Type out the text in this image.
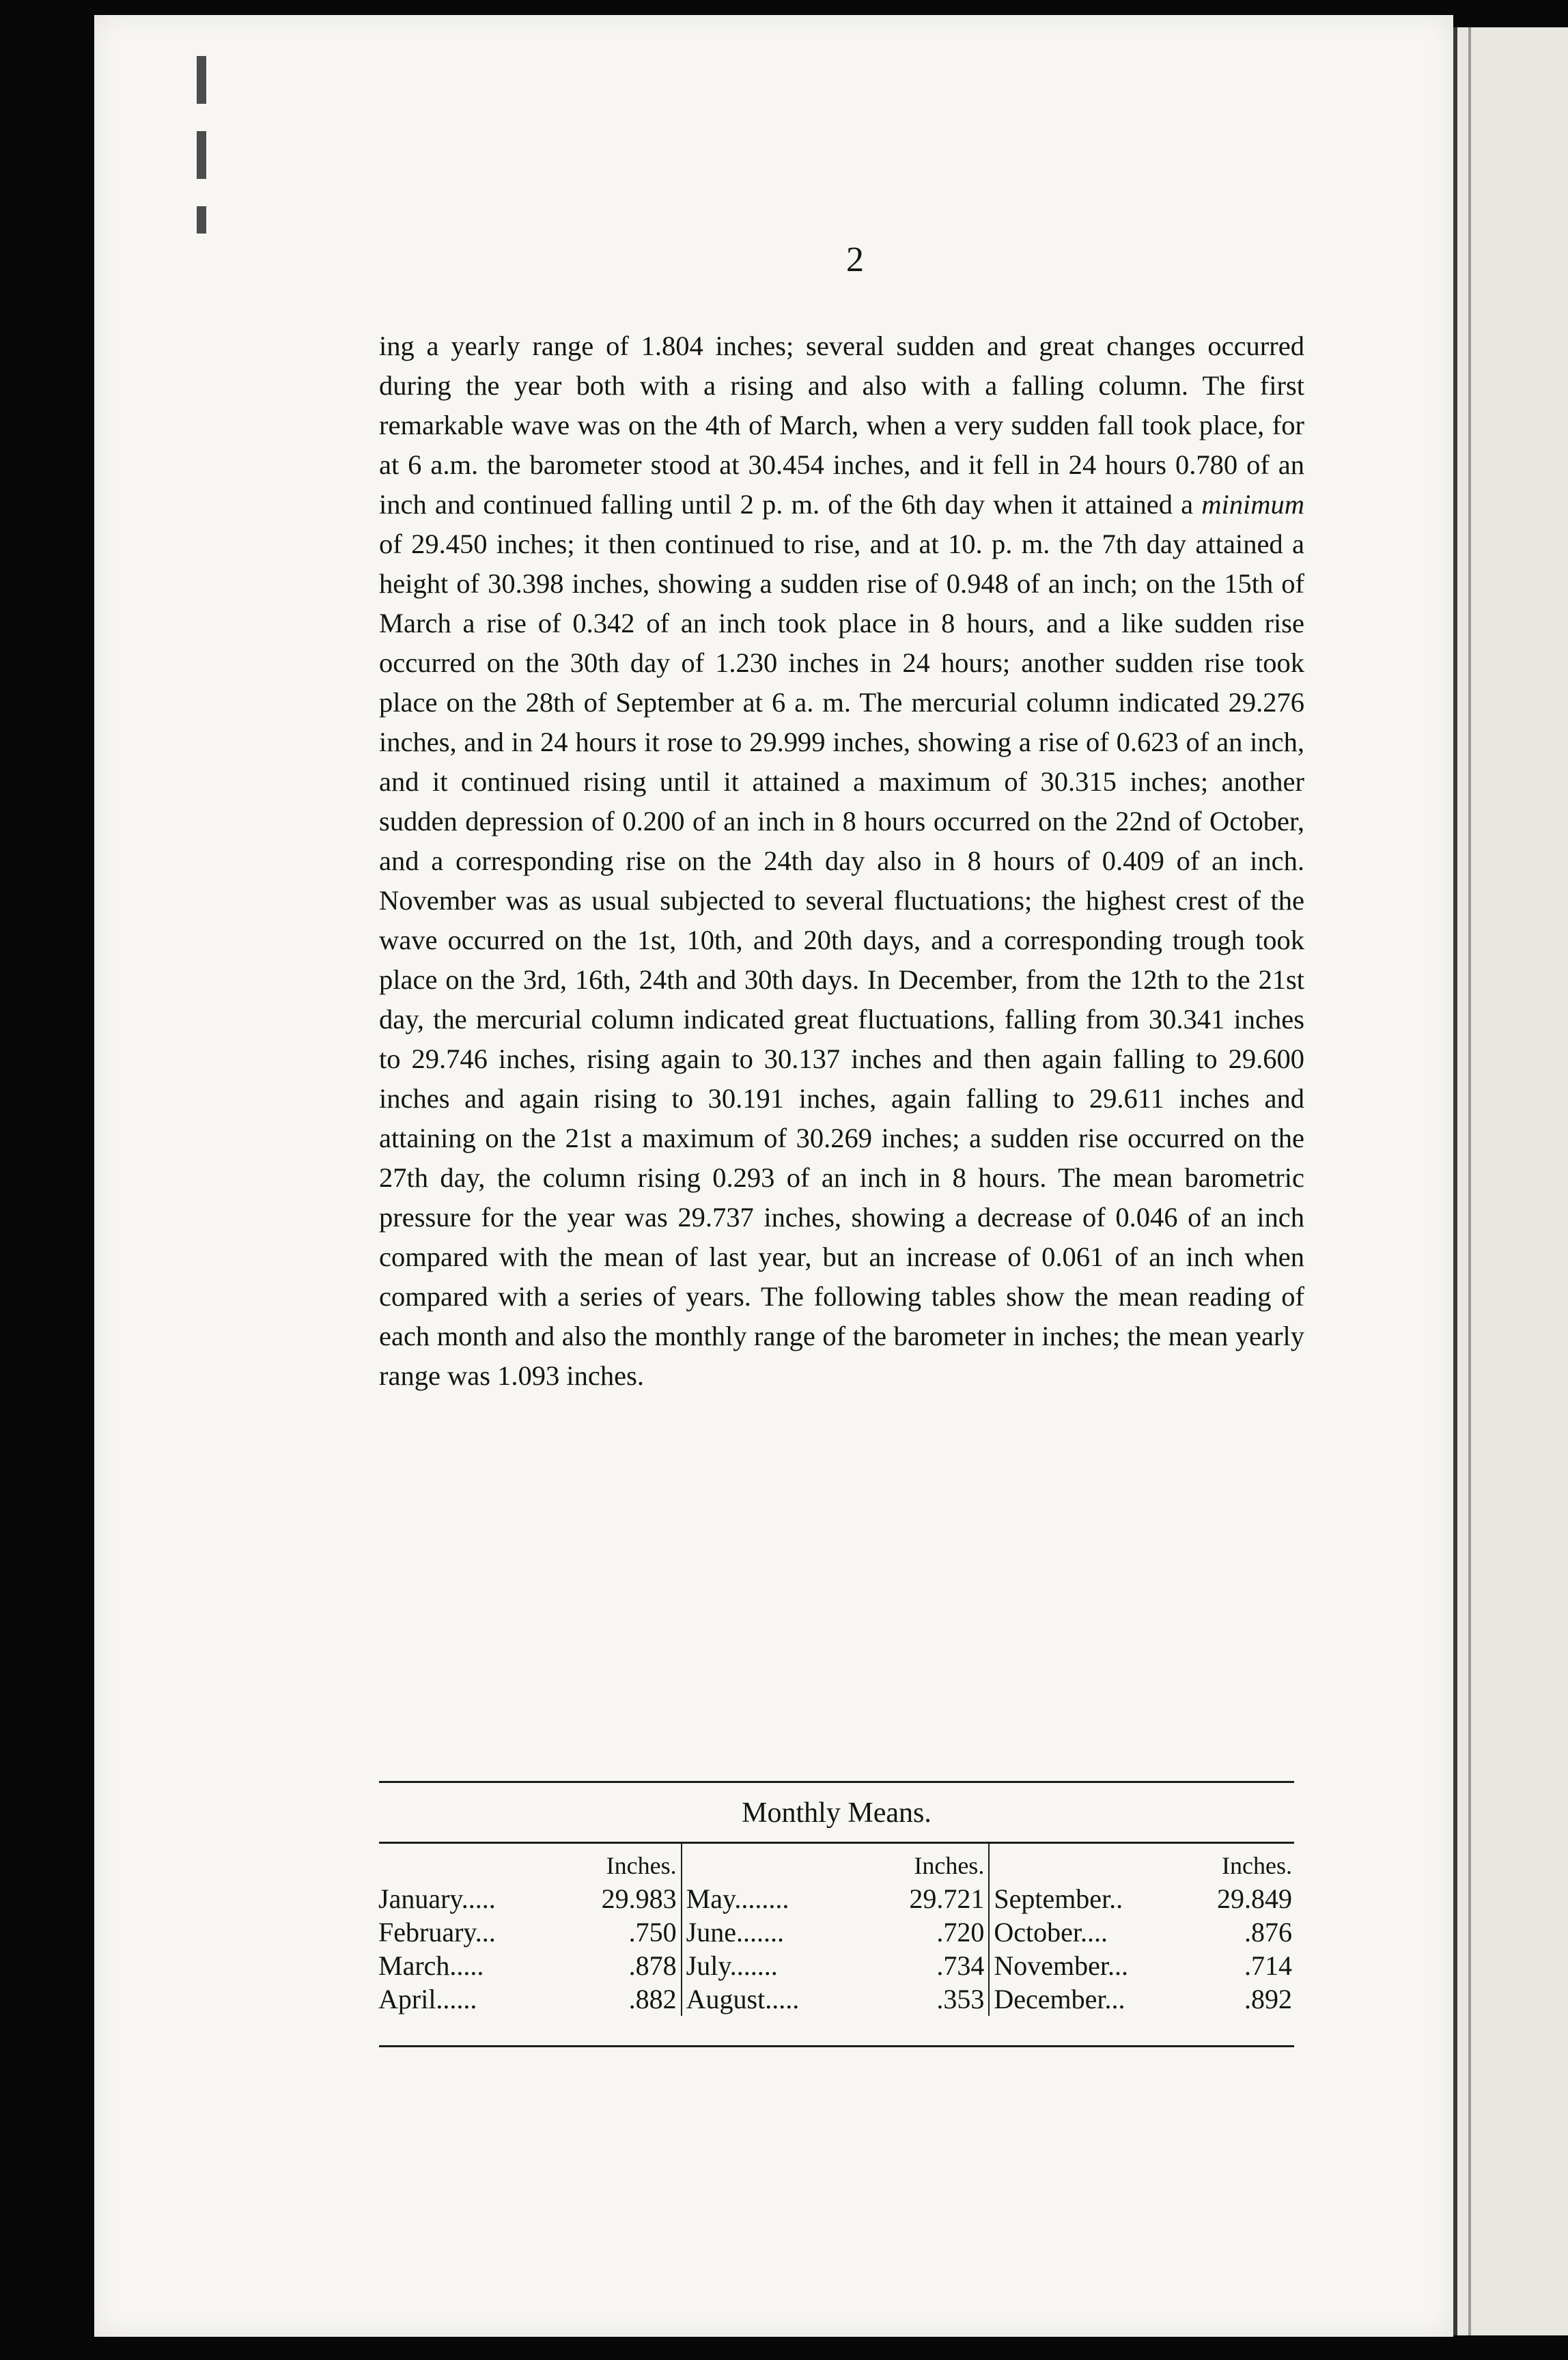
2

ing a yearly range of 1.804 inches; several sudden and great changes occurred during the year both with a rising and also with a falling column. The first remarkable wave was on the 4th of March, when a very sudden fall took place, for at 6 a.m. the barometer stood at 30.454 inches, and it fell in 24 hours 0.780 of an inch and continued falling until 2 p. m. of the 6th day when it attained a minimum of 29.450 inches; it then continued to rise, and at 10. p. m. the 7th day attained a height of 30.398 inches, showing a sudden rise of 0.948 of an inch; on the 15th of March a rise of 0.342 of an inch took place in 8 hours, and a like sudden rise occurred on the 30th day of 1.230 inches in 24 hours; another sudden rise took place on the 28th of September at 6 a. m. The mercurial column indicated 29.276 inches, and in 24 hours it rose to 29.999 inches, showing a rise of 0.623 of an inch, and it continued rising until it attained a maximum of 30.315 inches; another sudden depression of 0.200 of an inch in 8 hours occurred on the 22nd of October, and a corresponding rise on the 24th day also in 8 hours of 0.409 of an inch. November was as usual subjected to several fluctuations; the highest crest of the wave occurred on the 1st, 10th, and 20th days, and a corresponding trough took place on the 3rd, 16th, 24th and 30th days. In December, from the 12th to the 21st day, the mercurial column indicated great fluctuations, falling from 30.341 inches to 29.746 inches, rising again to 30.137 inches and then again falling to 29.600 inches and again rising to 30.191 inches, again falling to 29.611 inches and attaining on the 21st a maximum of 30.269 inches; a sudden rise occurred on the 27th day, the column rising 0.293 of an inch in 8 hours. The mean barometric pressure for the year was 29.737 inches, showing a decrease of 0.046 of an inch compared with the mean of last year, but an increase of 0.061 of an inch when compared with a series of years. The following tables show the mean reading of each month and also the monthly range of the barometer in inches; the mean yearly range was 1.093 inches.

Monthly Means.
	Inches.		Inches.		Inches.
January.....	29.983	May........	29.721	September..	29.849
February...	.750	June.......	.720	October....	.876
March.....	.878	July.......	.734	November...	.714
April......	.882	August.....	.353	December...	.892
